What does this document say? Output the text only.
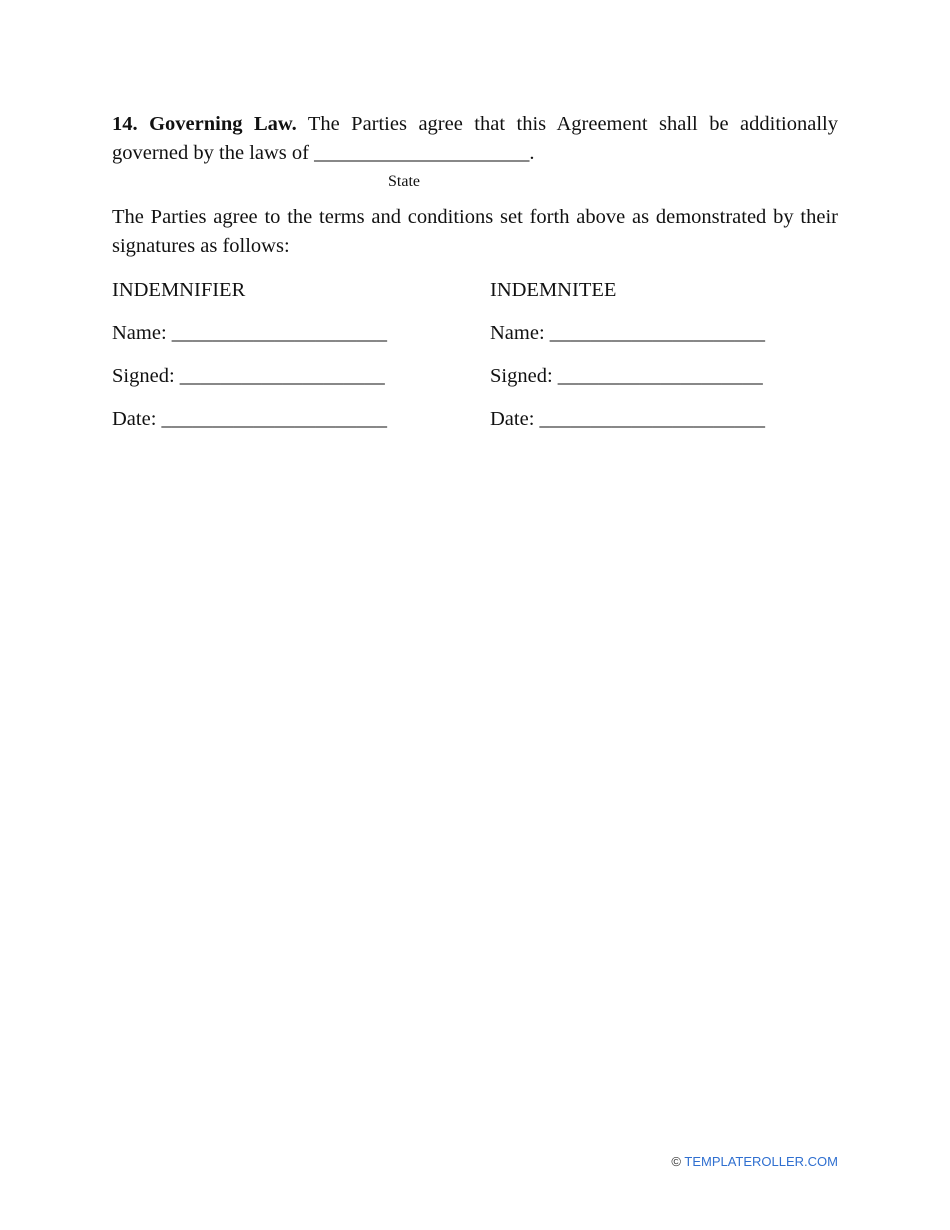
14. Governing Law. The Parties agree that this Agreement shall be additionally governed by the laws of _____________________.

State

The Parties agree to the terms and conditions set forth above as demonstrated by their signatures as follows:

INDEMNIFIER
Name: _____________________
Signed: ____________________
Date: ______________________
INDEMNITEE
Name: _____________________
Signed: ____________________
Date: ______________________
© TEMPLATEROLLER.COM
